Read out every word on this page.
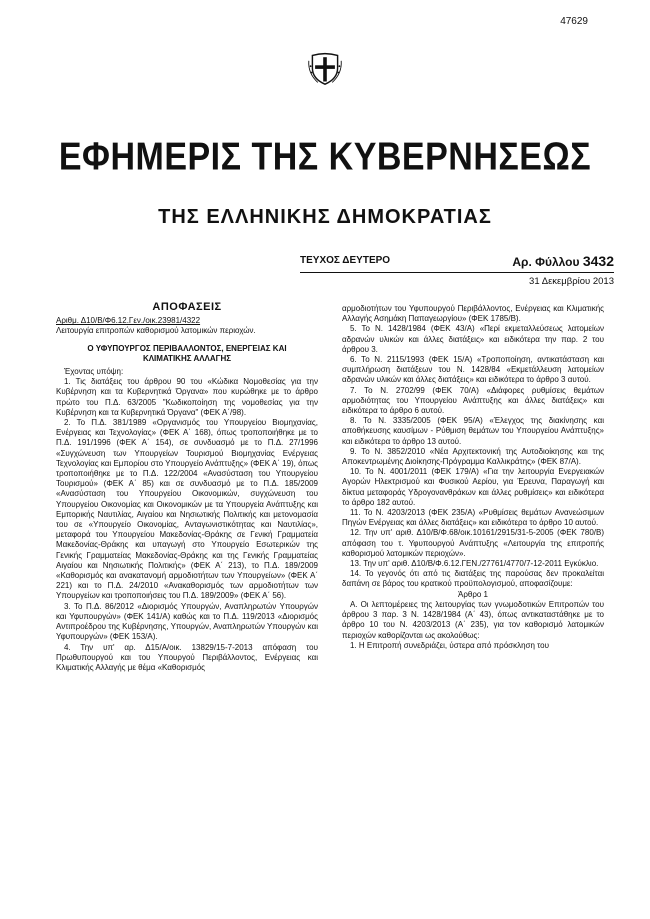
47629
ΕΦΗΜΕΡΙΣ ΤΗΣ ΚΥΒΕΡΝΗΣΕΩΣ
ΤΗΣ ΕΛΛΗΝΙΚΗΣ ΔΗΜΟΚΡΑΤΙΑΣ
ΤΕΥΧΟΣ ΔΕΥΤΕΡΟ	Αρ. Φύλλου 3432
31 Δεκεμβρίου 2013
ΑΠΟΦΑΣΕΙΣ

Αριθμ. Δ10/Β/Φ6.12.Γεν./οικ.23981/4322

Λειτουργία επιτροπών καθορισμού λατομικών περιοχών.

Ο ΥΦΥΠΟΥΡΓΟΣ ΠΕΡΙΒΑΛΛΟΝΤΟΣ, ΕΝΕΡΓΕΙΑΣ ΚΑΙ ΚΛΙΜΑΤΙΚΗΣ ΑΛΛΑΓΗΣ

Έχοντας υπόψη:

1. Τις διατάξεις του άρθρου 90 του «Κώδικα Νομοθεσίας για την Κυβέρνηση και τα Κυβερνητικά Όργανα» που κυρώθηκε με το άρθρο πρώτο του Π.Δ. 63/2005 "Κωδικοποίηση της νομοθεσίας για την Κυβέρνηση και τα Κυβερνητικά Όργανα" (ΦΕΚ Α΄/98).

2. Το Π.Δ. 381/1989 «Οργανισμός του Υπουργείου Βιομηχανίας, Ενέργειας και Τεχνολογίας» (ΦΕΚ Α΄ 168), όπως τροποποιήθηκε με το Π.Δ. 191/1996 (ΦΕΚ Α΄ 154), σε συνδυασμό με το Π.Δ. 27/1996 «Συγχώνευση των Υπουργείων Τουρισμού Βιομηχανίας Ενέργειας Τεχνολογίας και Εμπορίου στο Υπουργείο Ανάπτυξης» (ΦΕΚ Α΄ 19), όπως τροποποιήθηκε με το Π.Δ. 122/2004 «Ανασύσταση του Υπουργείου Τουρισμού» (ΦΕΚ Α΄ 85) και σε συνδυασμό με το Π.Δ. 185/2009 «Ανασύσταση του Υπουργείου Οικονομικών, συγχώνευση του Υπουργείου Οικονομίας και Οικονομικών με τα Υπουργεία Ανάπτυξης και Εμπορικής Ναυτιλίας, Αιγαίου και Νησιωτικής Πολιτικής και μετονομασία του σε «Υπουργείο Οικονομίας, Ανταγωνιστικότητας και Ναυτιλίας», μεταφορά του Υπουργείου Μακεδονίας-Θράκης σε Γενική Γραμματεία Μακεδονίας-Θράκης και υπαγωγή στο Υπουργείο Εσωτερικών της Γενικής Γραμματείας Μακεδονίας-Θράκης και της Γενικής Γραμματείας Αιγαίου και Νησιωτικής Πολιτικής» (ΦΕΚ Α΄ 213), το Π.Δ. 189/2009 «Καθορισμός και ανακατανομή αρμοδιοτήτων των Υπουργείων» (ΦΕΚ Α΄ 221) και το Π.Δ. 24/2010 «Ανακαθορισμός των αρμοδιοτήτων των Υπουργείων και τροποποιήσεις του Π.Δ. 189/2009» (ΦΕΚ Α΄ 56).

3. Το Π.Δ. 86/2012 «Διορισμός Υπουργών, Αναπληρωτών Υπουργών και Υφυπουργών» (ΦΕΚ 141/Α) καθώς και το Π.Δ. 119/2013 «Διορισμός Αντιπροέδρου της Κυβέρνησης, Υπουργών, Αναπληρωτών Υπουργών και Υφυπουργών» (ΦΕΚ 153/Α).

4. Την υπ' αρ. Δ15/Α/οικ. 13829/15-7-2013 απόφαση του Πρωθυπουργού και του Υπουργού Περιβάλλοντος, Ενέργειας και Κλιματικής Αλλαγής με θέμα «Καθορισμός

αρμοδιοτήτων του Υφυπουργού Περιβάλλοντος, Ενέργειας και Κλιματικής Αλλαγής Ασημάκη Παπαγεωργίου» (ΦΕΚ 1785/Β).

5. Το Ν. 1428/1984 (ΦΕΚ 43/Α) «Περί εκμεταλλεύσεως λατομείων αδρανών υλικών και άλλες διατάξεις» και ειδικότερα την παρ. 2 του άρθρου 3.

6. Το Ν. 2115/1993 (ΦΕΚ 15/Α) «Τροποποίηση, αντικατάσταση και συμπλήρωση διατάξεων του Ν. 1428/84 «Εκμετάλλευση λατομείων αδρανών υλικών και άλλες διατάξεις» και ειδικότερα το άρθρο 3 αυτού.

7. Το Ν. 2702/99 (ΦΕΚ 70/Α) «Διάφορες ρυθμίσεις θεμάτων αρμοδιότητας του Υπουργείου Ανάπτυξης και άλλες διατάξεις» και ειδικότερα το άρθρο 6 αυτού.

8. Το Ν. 3335/2005 (ΦΕΚ 95/Α) «Έλεγχος της διακίνησης και αποθήκευσης καυσίμων - Ρύθμιση θεμάτων του Υπουργείου Ανάπτυξης» και ειδικότερα το άρθρο 13 αυτού.

9. Το Ν. 3852/2010 «Νέα Αρχιτεκτονική της Αυτοδιοίκησης και της Αποκεντρωμένης Διοίκησης-Πρόγραμμα Καλλικράτης» (ΦΕΚ 87/Α).

10. Το Ν. 4001/2011 (ΦΕΚ 179/Α) «Για την λειτουργία Ενεργειακών Αγορών Ηλεκτρισμού και Φυσικού Αερίου, για Έρευνα, Παραγωγή και δίκτυα μεταφοράς Υδρογονανθράκων και άλλες ρυθμίσεις» και ειδικότερα το άρθρο 182 αυτού.

11. Το Ν. 4203/2013 (ΦΕΚ 235/Α) «Ρυθμίσεις θεμάτων Ανανεώσιμων Πηγών Ενέργειας και άλλες διατάξεις» και ειδικότερα το άρθρο 10 αυτού.

12. Την υπ' αριθ. Δ10/Β/Φ.68/οικ.10161/2915/31-5-2005 (ΦΕΚ 780/Β) απόφαση του τ. Υφυπουργού Ανάπτυξης «Λειτουργία της επιτροπής καθορισμού λατομικών περιοχών».

13. Την υπ' αριθ. Δ10/Β/Φ.6.12.ΓΕΝ./27761/4770/7-12-2011 Εγκύκλιο.

14. Το γεγονός ότι από τις διατάξεις της παρούσας δεν προκαλείται δαπάνη σε βάρος του κρατικού προϋπολογισμού, αποφασίζουμε:

Άρθρο 1

Α. Οι λεπτομέρειες της λειτουργίας των γνωμοδοτικών Επιτροπών του άρθρου 3 παρ. 3 Ν. 1428/1984 (Α΄ 43), όπως αντικαταστάθηκε με το άρθρο 10 του Ν. 4203/2013 (Α΄ 235), για τον καθορισμό λατομικών περιοχών καθορίζονται ως ακολούθως:

1. Η Επιτροπή συνεδριάζει, ύστερα από πρόσκληση του
